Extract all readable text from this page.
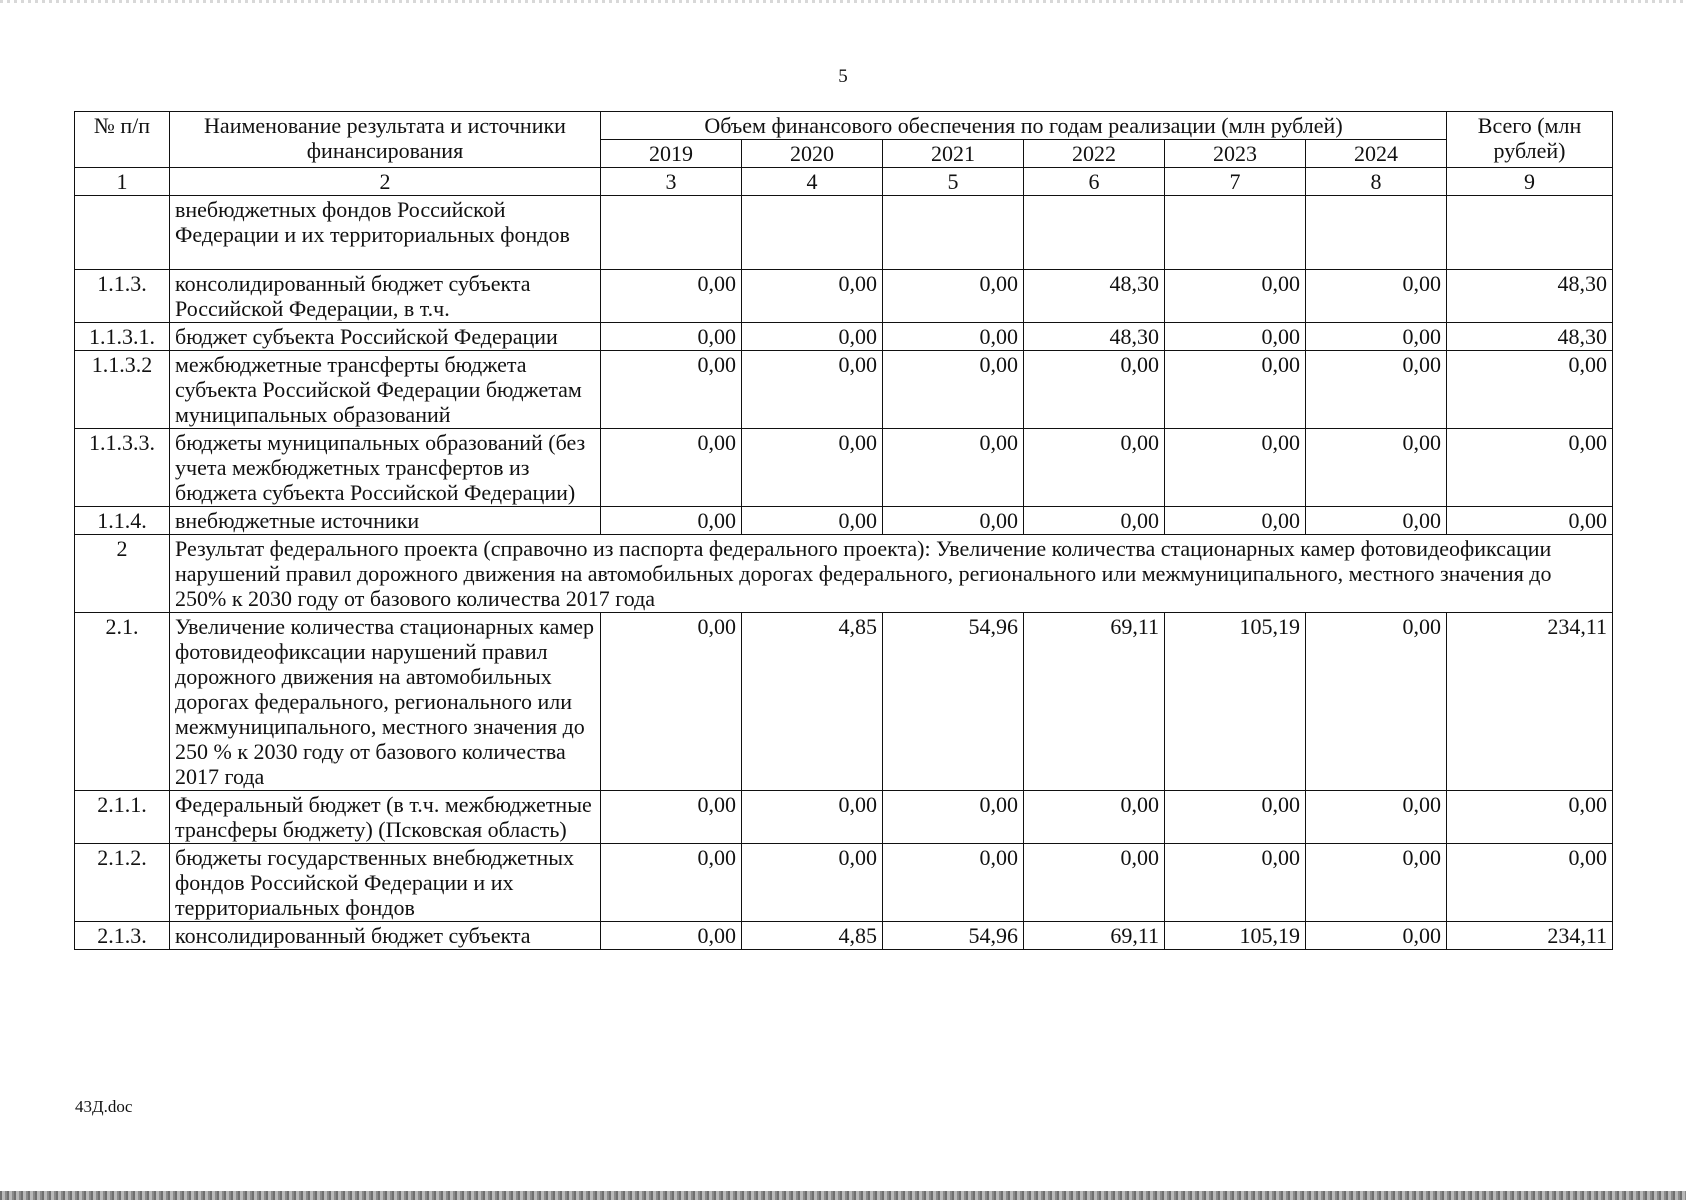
5
№ п/п	Наименование результата и источники финансирования	Объем финансового обеспечения по годам реализации (млн рублей)						Всего (млн рублей)
		2019	2020	2021	2022	2023	2024	
1	2	3	4	5	6	7	8	9
	внебюджетных фондов Российской Федерации и их территориальных фондов							
1.1.3.	консолидированный бюджет субъекта Российской Федерации, в т.ч.	0,00	0,00	0,00	48,30	0,00	0,00	48,30
1.1.3.1.	бюджет субъекта Российской Федерации	0,00	0,00	0,00	48,30	0,00	0,00	48,30
1.1.3.2	межбюджетные трансферты бюджета субъекта Российской Федерации бюджетам муниципальных образований	0,00	0,00	0,00	0,00	0,00	0,00	0,00
1.1.3.3.	бюджеты муниципальных образований (без учета межбюджетных трансфертов из бюджета субъекта Российской Федерации)	0,00	0,00	0,00	0,00	0,00	0,00	0,00
1.1.4.	внебюджетные источники	0,00	0,00	0,00	0,00	0,00	0,00	0,00
2	Результат федерального проекта (справочно из паспорта федерального проекта): Увеличение количества стационарных камер фотовидеофиксации нарушений правил дорожного движения на автомобильных дорогах федерального, регионального или межмуниципального, местного значения до 250% к 2030 году от базового количества 2017 года							
2.1.	Увеличение количества стационарных камер фотовидеофиксации нарушений правил дорожного движения на автомобильных дорогах федерального, регионального или межмуниципального, местного значения до 250 % к 2030 году от базового количества 2017 года	0,00	4,85	54,96	69,11	105,19	0,00	234,11
2.1.1.	Федеральный бюджет (в т.ч. межбюджетные трансферы бюджету) (Псковская область)	0,00	0,00	0,00	0,00	0,00	0,00	0,00
2.1.2.	бюджеты государственных внебюджетных фондов Российской Федерации и их территориальных фондов	0,00	0,00	0,00	0,00	0,00	0,00	0,00
2.1.3.	консолидированный бюджет субъекта	0,00	4,85	54,96	69,11	105,19	0,00	234,11
43Д.doc
